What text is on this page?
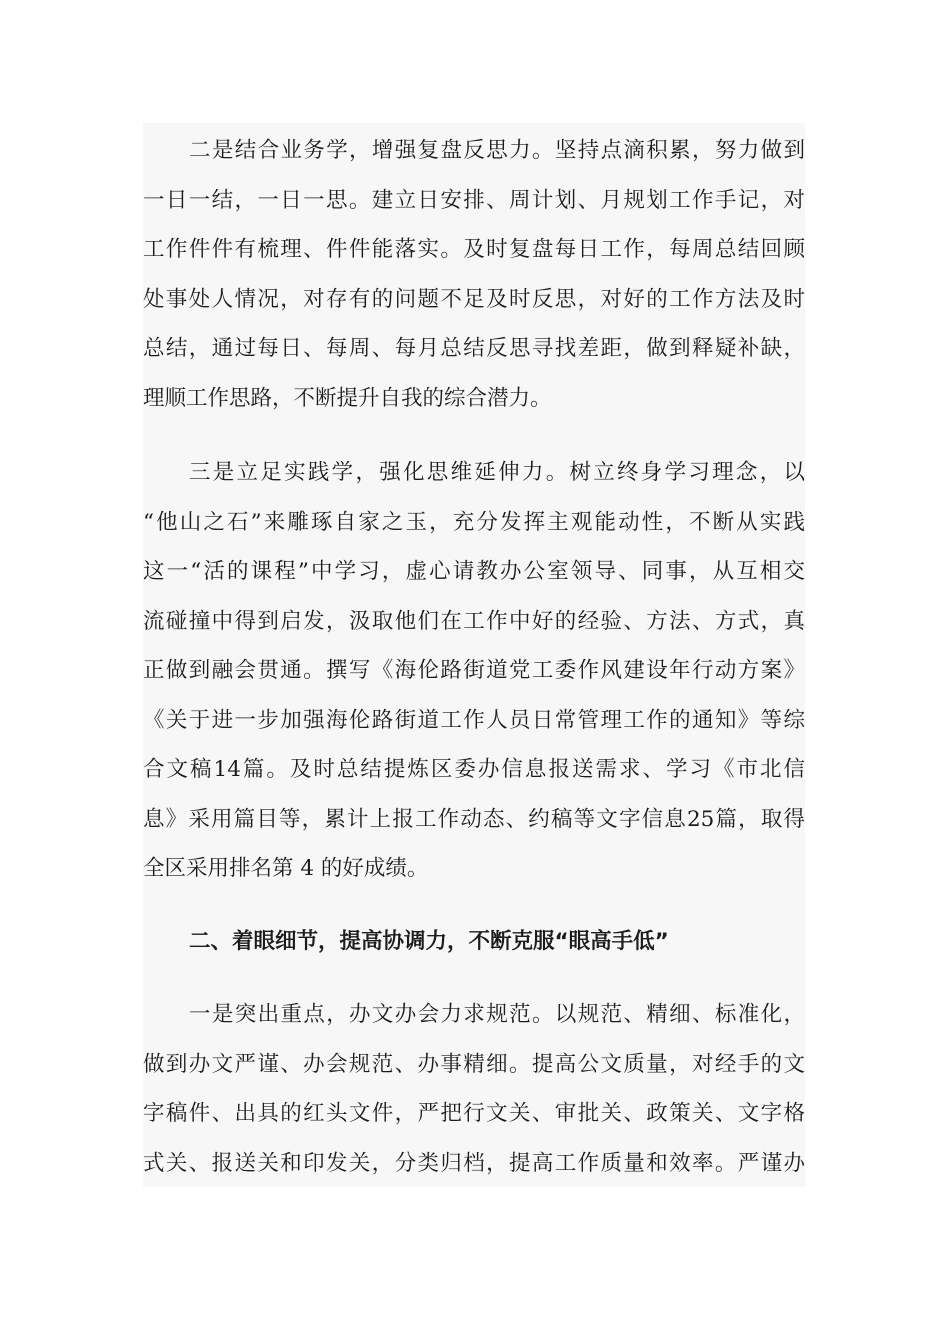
二是结合业务学，增强复盘反思力。坚持点滴积累，努力做到
一日一结，一日一思。建立日安排、周计划、月规划工作手记，对
工作件件有梳理、件件能落实。及时复盘每日工作，每周总结回顾
处事处人情况，对存有的问题不足及时反思，对好的工作方法及时
总结，通过每日、每周、每月总结反思寻找差距，做到释疑补缺，
理顺工作思路，不断提升自我的综合潜力。
三是立足实践学，强化思维延伸力。树立终身学习理念，以
“他山之石”来雕琢自家之玉，充分发挥主观能动性，不断从实践
这一“活的课程”中学习，虚心请教办公室领导、同事，从互相交
流碰撞中得到启发，汲取他们在工作中好的经验、方法、方式，真
正做到融会贯通。撰写《海伦路街道党工委作风建设年行动方案》
《关于进一步加强海伦路街道工作人员日常管理工作的通知》等综
合文稿14篇。及时总结提炼区委办信息报送需求、学习《市北信
息》采用篇目等，累计上报工作动态、约稿等文字信息25篇，取得
全区采用排名第 4 的好成绩。
二、着眼细节，提高协调力，不断克服“眼高手低”
一是突出重点，办文办会力求规范。以规范、精细、标准化，
做到办文严谨、办会规范、办事精细。提高公文质量，对经手的文
字稿件、出具的红头文件，严把行文关、审批关、政策关、文字格
式关、报送关和印发关，分类归档，提高工作质量和效率。严谨办
